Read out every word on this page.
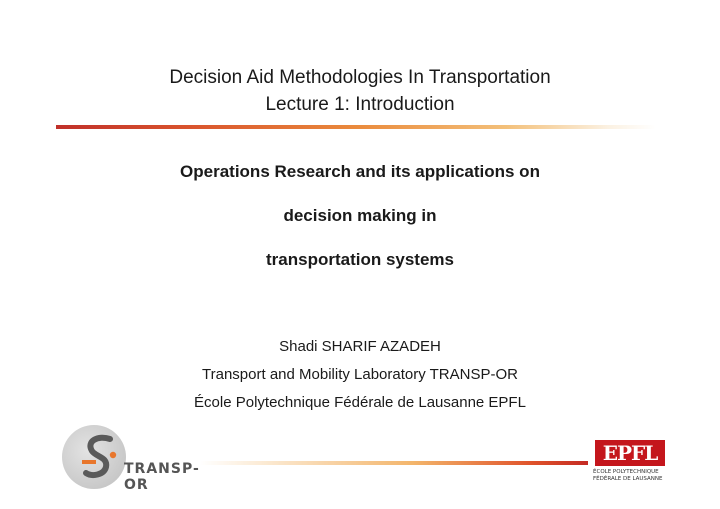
Decision Aid Methodologies In Transportation
Lecture 1: Introduction
Operations Research and its applications on
decision making in
transportation systems
Shadi SHARIF AZADEH
Transport and Mobility Laboratory TRANSP-OR
École Polytechnique Fédérale de Lausanne EPFL
TRANSP-OR
EPFL
ÉCOLE POLYTECHNIQUE
FÉDÉRALE DE LAUSANNE
